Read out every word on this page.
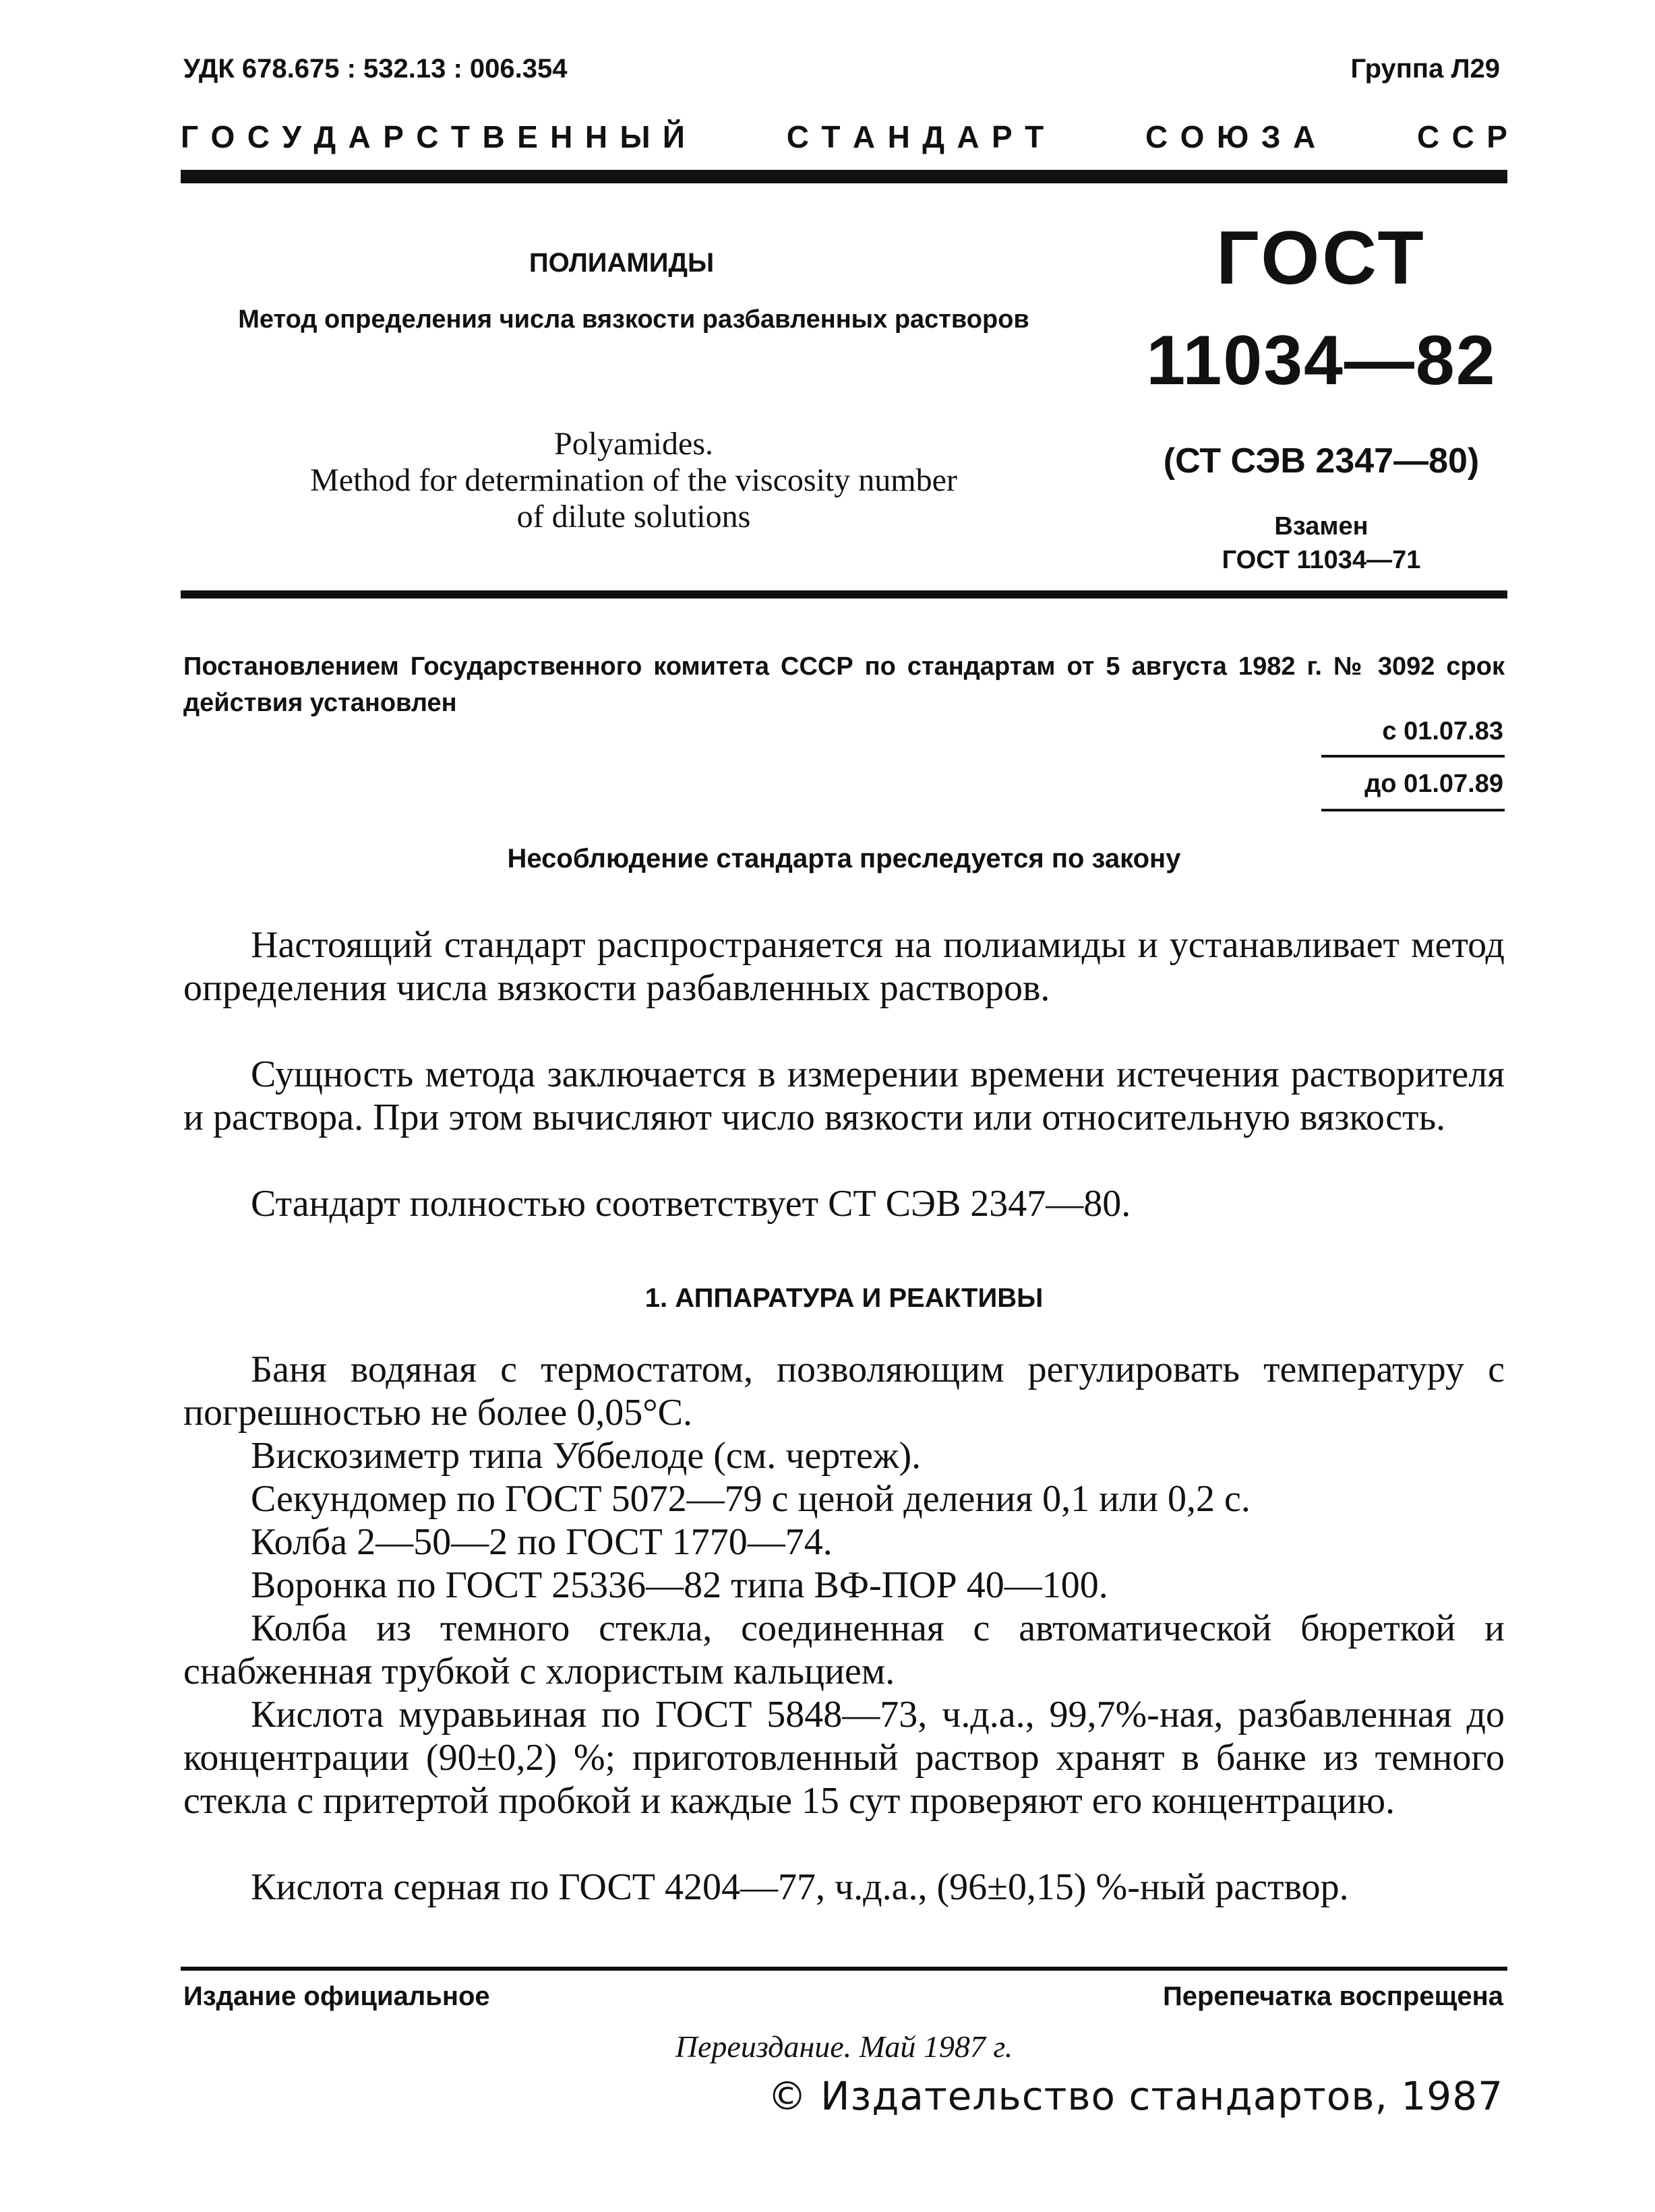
УДК 678.675 : 532.13 : 006.354	Группа Л29
Г  О  С  У  Д  А  Р  С  Т  В  Е  Н  Н  Ы  Й	С  Т  А  Н  Д  А  Р  Т	С  О  Ю  З  А	С  С  Р
ПОЛИАМИДЫ
Метод определения числа вязкости разбавленных растворов
Polyamides.
Method for determination of the viscosity number
of dilute solutions
ГОСТ
11034—82
(СТ СЭВ 2347—80)
Взамен
ГОСТ 11034—71
Постановлением Государственного комитета СССР по стандартам от 5 августа 1982 г. № 3092 срок действия установлен
с 01.07.83
до 01.07.89
Несоблюдение стандарта преследуется по закону

Настоящий стандарт распространяется на полиамиды и устанавливает метод определения числа вязкости разбавленных растворов.

Сущность метода заключается в измерении времени истечения растворителя и раствора. При этом вычисляют число вязкости или относительную вязкость.

Стандарт полностью соответствует СТ СЭВ 2347—80.

1. АППАРАТУРА И РЕАКТИВЫ

Баня водяная с термостатом, позволяющим регулировать температуру с погрешностью не более 0,05°С.

Вискозиметр типа Уббелоде (см. чертеж).

Секундомер по ГОСТ 5072—79 с ценой деления 0,1 или 0,2 с.

Колба 2—50—2 по ГОСТ 1770—74.

Воронка по ГОСТ 25336—82 типа ВФ-ПОР 40—100.

Колба из темного стекла, соединенная с автоматической бюреткой и снабженная трубкой с хлористым кальцием.

Кислота муравьиная по ГОСТ 5848—73, ч.д.а., 99,7%-ная, разбавленная до концентрации (90±0,2) %; приготовленный раствор хранят в банке из темного стекла с притертой пробкой и каждые 15 сут проверяют его концентрацию.

Кислота серная по ГОСТ 4204—77, ч.д.а., (96±0,15) %-ный раствор.

Издание официальное	Перепечатка воспрещена
Переиздание. Май 1987 г.
© Издательство стандартов, 1987
